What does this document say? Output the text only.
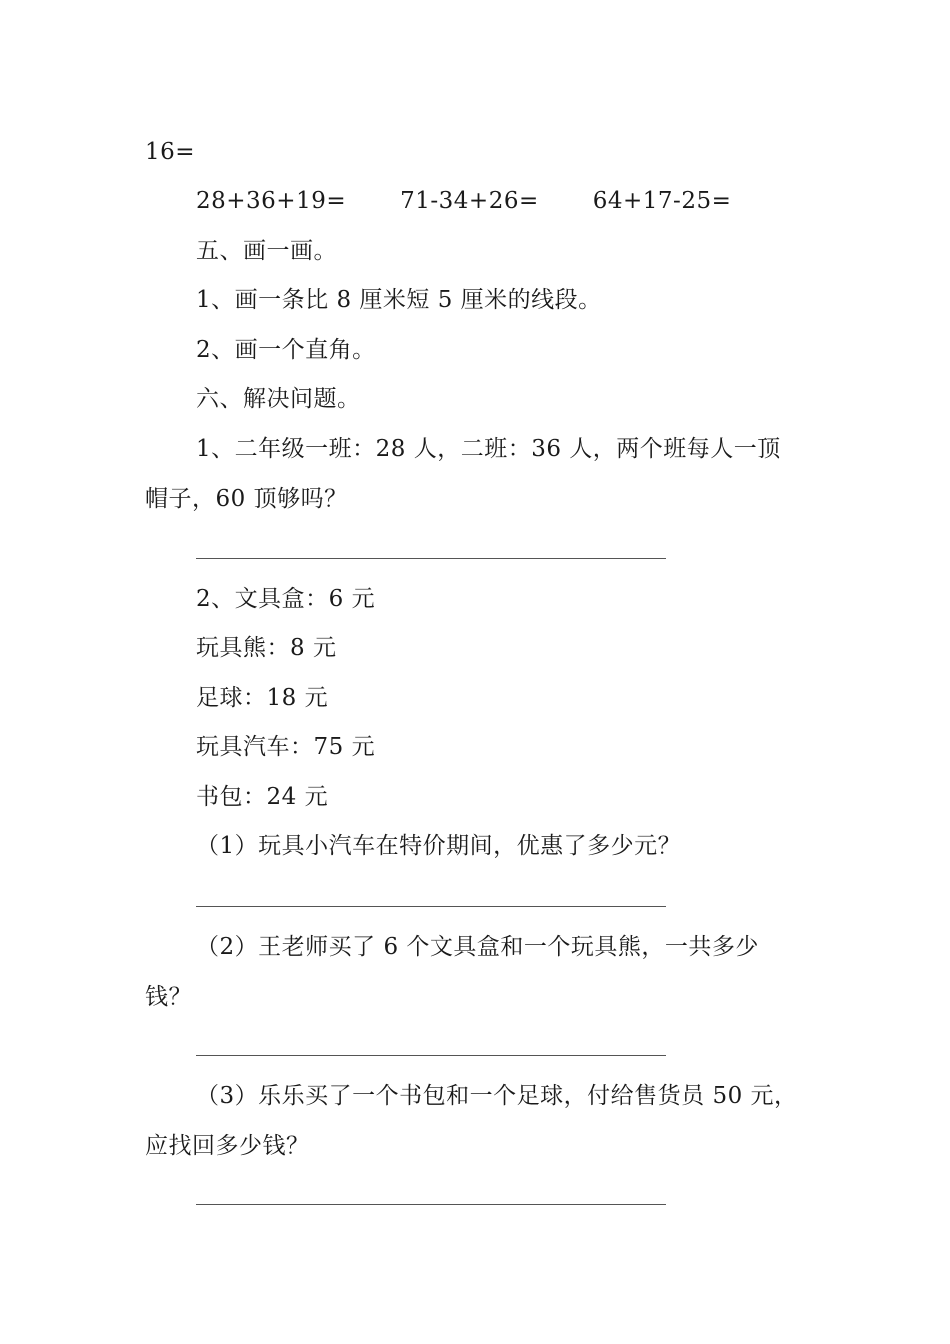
16=
28+36+19= 71-34+26= 64+17-25=
五、画一画。
1、画一条比 8 厘米短 5 厘米的线段。
2、画一个直角。
六、解决问题。
1、二年级一班：28 人，二班：36 人，两个班每人一顶
帽子，60 顶够吗？
2、文具盒：6 元
玩具熊：8 元
足球：18 元
玩具汽车：75 元
书包：24 元
（1）玩具小汽车在特价期间，优惠了多少元？
（2）王老师买了 6 个文具盒和一个玩具熊，一共多少
钱？
（3）乐乐买了一个书包和一个足球，付给售货员 50 元，
应找回多少钱？
